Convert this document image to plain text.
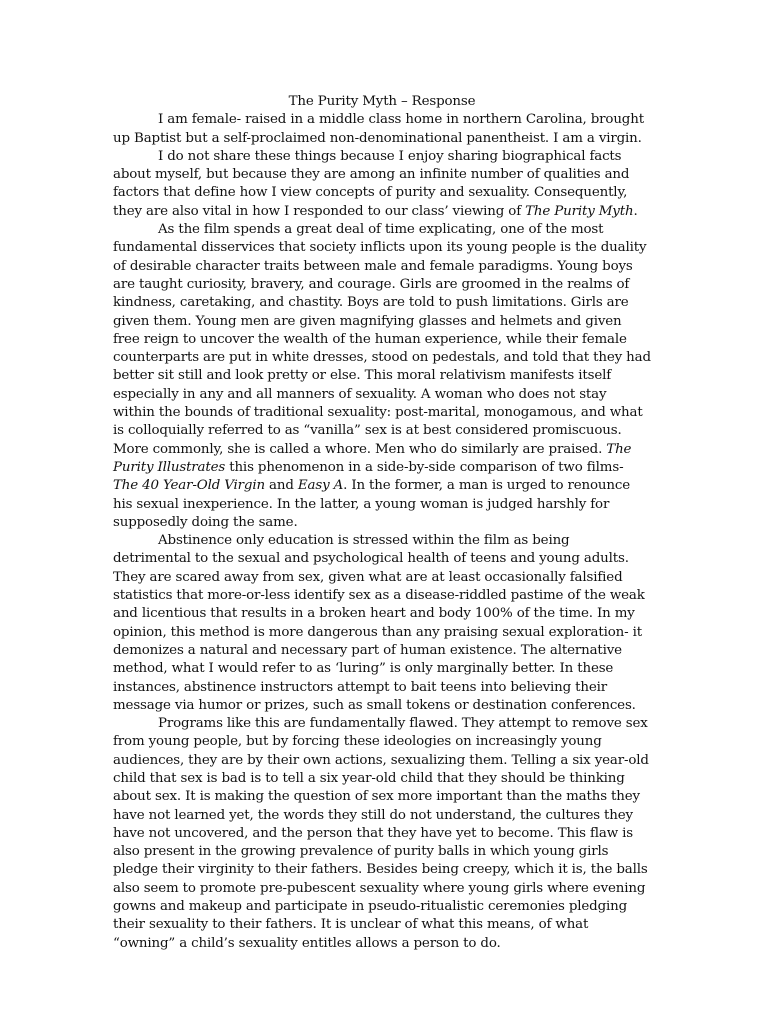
The Purity Myth – Response

I am female- raised in a middle class home in northern Carolina, brought up Baptist but a self-proclaimed non-denominational panentheist. I am a virgin.

I do not share these things because I enjoy sharing biographical facts about myself, but because they are among an infinite number of qualities and factors that define how I view concepts of purity and sexuality. Consequently, they are also vital in how I responded to our class’ viewing of The Purity Myth.

As the film spends a great deal of time explicating, one of the most fundamental disservices that society inflicts upon its young people is the duality of desirable character traits between male and female paradigms. Young boys are taught curiosity, bravery, and courage. Girls are groomed in the realms of kindness, caretaking, and chastity. Boys are told to push limitations. Girls are given them. Young men are given magnifying glasses and helmets and given free reign to uncover the wealth of the human experience, while their female counterparts are put in white dresses, stood on pedestals, and told that they had better sit still and look pretty or else. This moral relativism manifests itself especially in any and all manners of sexuality. A woman who does not stay within the bounds of traditional sexuality: post-marital, monogamous, and what is colloquially referred to as “vanilla” sex is at best considered promiscuous. More commonly, she is called a whore. Men who do similarly are praised. The Purity Illustrates this phenomenon in a side-by-side comparison of two films- The 40 Year-Old Virgin and Easy A. In the former, a man is urged to renounce his sexual inexperience. In the latter, a young woman is judged harshly for supposedly doing the same.

Abstinence only education is stressed within the film as being detrimental to the sexual and psychological health of teens and young adults. They are scared away from sex, given what are at least occasionally falsified statistics that more-or-less identify sex as a disease-riddled pastime of the weak and licentious that results in a broken heart and body 100% of the time. In my opinion, this method is more dangerous than any praising sexual exploration- it demonizes a natural and necessary part of human existence. The alternative method, what I would refer to as ‘luring” is only marginally better. In these instances, abstinence instructors attempt to bait teens into believing their message via humor or prizes, such as small tokens or destination conferences.

Programs like this are fundamentally flawed. They attempt to remove sex from young people, but by forcing these ideologies on increasingly young audiences, they are by their own actions, sexualizing them. Telling a six year-old child that sex is bad is to tell a six year-old child that they should be thinking about sex. It is making the question of sex more important than the maths they have not learned yet, the words they still do not understand, the cultures they have not uncovered, and the person that they have yet to become. This flaw is also present in the growing prevalence of purity balls in which young girls pledge their virginity to their fathers. Besides being creepy, which it is, the balls also seem to promote pre-pubescent sexuality where young girls where evening gowns and makeup and participate in pseudo-ritualistic ceremonies pledging their sexuality to their fathers. It is unclear of what this means, of what “owning” a child’s sexuality entitles allows a person to do.
